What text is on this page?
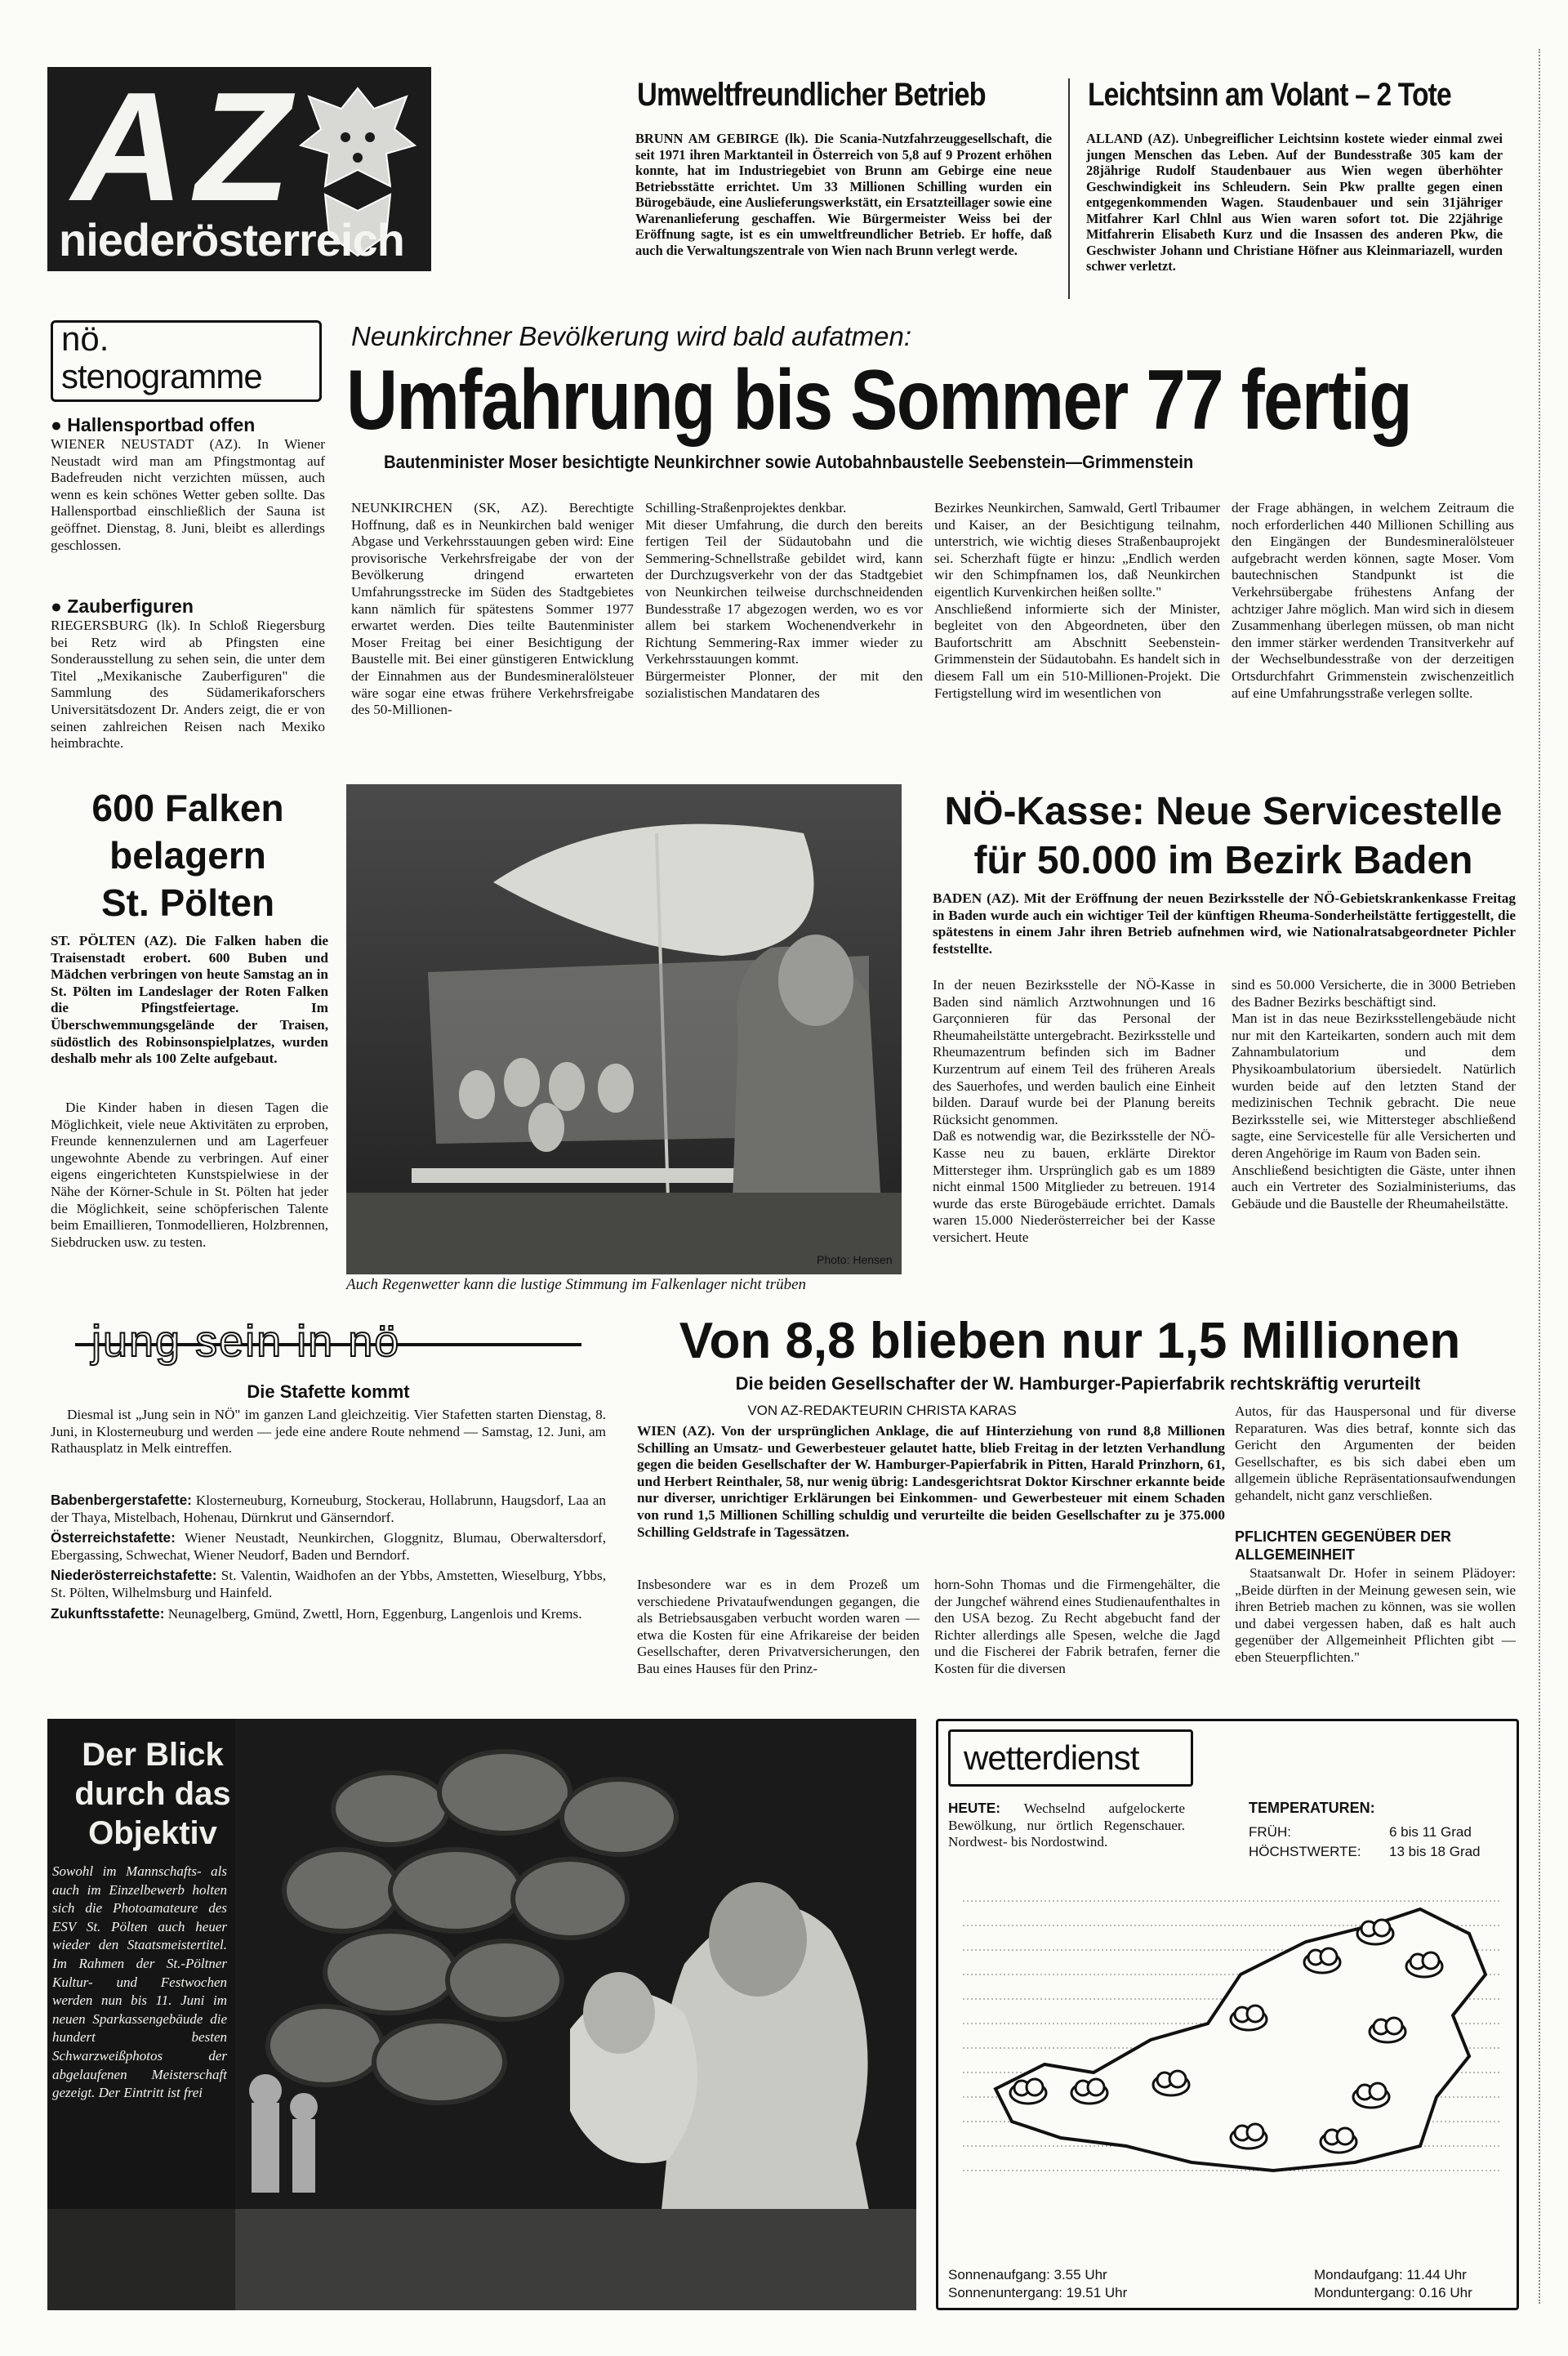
AZ
niederösterreich
Umweltfreundlicher Betrieb
BRUNN AM GEBIRGE (lk). Die Scania-Nutzfahrzeuggesellschaft, die seit 1971 ihren Marktanteil in Österreich von 5,8 auf 9 Prozent erhöhen konnte, hat im Industriegebiet von Brunn am Gebirge eine neue Betriebsstätte errichtet. Um 33 Millionen Schilling wurden ein Bürogebäude, eine Auslieferungswerkstätt, ein Ersatzteillager sowie eine Warenanlieferung geschaffen. Wie Bürgermeister Weiss bei der Eröffnung sagte, ist es ein umweltfreundlicher Betrieb. Er hoffe, daß auch die Verwaltungszentrale von Wien nach Brunn verlegt werde.
Leichtsinn am Volant – 2 Tote
ALLAND (AZ). Unbegreiflicher Leichtsinn kostete wieder einmal zwei jungen Menschen das Leben. Auf der Bundesstraße 305 kam der 28jährige Rudolf Staudenbauer aus Wien wegen überhöhter Geschwindigkeit ins Schleudern. Sein Pkw prallte gegen einen entgegenkommenden Wagen. Staudenbauer und sein 31jähriger Mitfahrer Karl Chlnl aus Wien waren sofort tot. Die 22jährige Mitfahrerin Elisabeth Kurz und die Insassen des anderen Pkw, die Geschwister Johann und Christiane Höfner aus Kleinmariazell, wurden schwer verletzt.
nö.
stenogramme
● Hallensportbad offen
WIENER NEUSTADT (AZ). In Wiener Neustadt wird man am Pfingstmontag auf Badefreuden nicht verzichten müssen, auch wenn es kein schönes Wetter geben sollte. Das Hallensportbad einschließlich der Sauna ist geöffnet. Dienstag, 8. Juni, bleibt es allerdings geschlossen.
● Zauberfiguren
RIEGERSBURG (lk). In Schloß Riegersburg bei Retz wird ab Pfingsten eine Sonderausstellung zu sehen sein, die unter dem Titel „Mexikanische Zauberfiguren" die Sammlung des Südamerikaforschers Universitätsdozent Dr. Anders zeigt, die er von seinen zahlreichen Reisen nach Mexiko heimbrachte.
Neunkirchner Bevölkerung wird bald aufatmen:
Umfahrung bis Sommer 77 fertig
Bautenminister Moser besichtigte Neunkirchner sowie Autobahnbaustelle Seebenstein—Grimmenstein
NEUNKIRCHEN (SK, AZ). Berechtigte Hoffnung, daß es in Neunkirchen bald weniger Abgase und Verkehrsstauungen geben wird: Eine provisorische Verkehrsfreigabe der von der Bevölkerung dringend erwarteten Umfahrungsstrecke im Süden des Stadtgebietes kann nämlich für spätestens Sommer 1977 erwartet werden. Dies teilte Bautenminister Moser Freitag bei einer Besichtigung der Baustelle mit. Bei einer günstigeren Entwicklung der Einnahmen aus der Bundesmineralölsteuer wäre sogar eine etwas frühere Verkehrsfreigabe des 50-Millionen-
Schilling-Straßenprojektes denkbar.
Mit dieser Umfahrung, die durch den bereits fertigen Teil der Südautobahn und die Semmering-Schnellstraße gebildet wird, kann der Durchzugsverkehr von der das Stadtgebiet von Neunkirchen teilweise durchschneidenden Bundesstraße 17 abgezogen werden, wo es vor allem bei starkem Wochenendverkehr in Richtung Semmering-Rax immer wieder zu Verkehrsstauungen kommt.
Bürgermeister Plonner, der mit den sozialistischen Mandataren des
Bezirkes Neunkirchen, Samwald, Gertl Tribaumer und Kaiser, an der Besichtigung teilnahm, unterstrich, wie wichtig dieses Straßenbauprojekt sei. Scherzhaft fügte er hinzu: „Endlich werden wir den Schimpfnamen los, daß Neunkirchen eigentlich Kurvenkirchen heißen sollte."
Anschließend informierte sich der Minister, begleitet von den Abgeordneten, über den Baufortschritt am Abschnitt Seebenstein-Grimmenstein der Südautobahn. Es handelt sich in diesem Fall um ein 510-Millionen-Projekt. Die Fertigstellung wird im wesentlichen von
der Frage abhängen, in welchem Zeitraum die noch erforderlichen 440 Millionen Schilling aus den Eingängen der Bundesmineralölsteuer aufgebracht werden können, sagte Moser. Vom bautechnischen Standpunkt ist die Verkehrsübergabe frühestens Anfang der achtziger Jahre möglich. Man wird sich in diesem Zusammenhang überlegen müssen, ob man nicht den immer stärker werdenden Transitverkehr auf der Wechselbundesstraße von der derzeitigen Ortsdurchfahrt Grimmenstein zwischenzeitlich auf eine Umfahrungsstraße verlegen sollte.
600 Falken
belagern
St. Pölten
ST. PÖLTEN (AZ). Die Falken haben die Traisenstadt erobert. 600 Buben und Mädchen verbringen von heute Samstag an in St. Pölten im Landeslager der Roten Falken die Pfingstfeiertage. Im Überschwemmungsgelände der Traisen, südöstlich des Robinsonspielplatzes, wurden deshalb mehr als 100 Zelte aufgebaut.
Die Kinder haben in diesen Tagen die Möglichkeit, viele neue Aktivitäten zu erproben, Freunde kennenzulernen und am Lagerfeuer ungewohnte Abende zu verbringen. Auf einer eigens eingerichteten Kunstspielwiese in der Nähe der Körner-Schule in St. Pölten hat jeder die Möglichkeit, seine schöpferischen Talente beim Emaillieren, Tonmodellieren, Holzbrennen, Siebdrucken usw. zu testen.
Photo: Hensen
Auch Regenwetter kann die lustige Stimmung im Falkenlager nicht trüben
NÖ-Kasse: Neue Servicestelle
für 50.000 im Bezirk Baden
BADEN (AZ). Mit der Eröffnung der neuen Bezirksstelle der NÖ-Gebietskrankenkasse Freitag in Baden wurde auch ein wichtiger Teil der künftigen Rheuma-Sonderheilstätte fertiggestellt, die spätestens in einem Jahr ihren Betrieb aufnehmen wird, wie Nationalratsabgeordneter Pichler feststellte.
In der neuen Bezirksstelle der NÖ-Kasse in Baden sind nämlich Arztwohnungen und 16 Garçonnieren für das Personal der Rheumaheilstätte untergebracht. Bezirksstelle und Rheumazentrum befinden sich im Badner Kurzentrum auf einem Teil des früheren Areals des Sauerhofes, und werden baulich eine Einheit bilden. Darauf wurde bei der Planung bereits Rücksicht genommen.
Daß es notwendig war, die Bezirksstelle der NÖ-Kasse neu zu bauen, erklärte Direktor Mittersteger ihm. Ursprünglich gab es um 1889 nicht einmal 1500 Mitglieder zu betreuen. 1914 wurde das erste Bürogebäude errichtet. Damals waren 15.000 Niederösterreicher bei der Kasse versichert. Heute
sind es 50.000 Versicherte, die in 3000 Betrieben des Badner Bezirks beschäftigt sind.
Man ist in das neue Bezirksstellengebäude nicht nur mit den Karteikarten, sondern auch mit dem Zahnambulatorium und dem Physikoambulatorium übersiedelt. Natürlich wurden beide auf den letzten Stand der medizinischen Technik gebracht. Die neue Bezirksstelle sei, wie Mittersteger abschließend sagte, eine Servicestelle für alle Versicherten und deren Angehörige im Raum von Baden sein.
Anschließend besichtigten die Gäste, unter ihnen auch ein Vertreter des Sozialministeriums, das Gebäude und die Baustelle der Rheumaheilstätte.
jung sein in nö
Die Stafette kommt
Diesmal ist „Jung sein in NÖ" im ganzen Land gleichzeitig. Vier Stafetten starten Dienstag, 8. Juni, in Klosterneuburg und werden — jede eine andere Route nehmend — Samstag, 12. Juni, am Rathausplatz in Melk eintreffen.

Babenbergerstafette: Klosterneuburg, Korneuburg, Stockerau, Hollabrunn, Haugsdorf, Laa an der Thaya, Mistelbach, Hohenau, Dürnkrut und Gänserndorf.

Österreichstafette: Wiener Neustadt, Neunkirchen, Gloggnitz, Blumau, Oberwaltersdorf, Ebergassing, Schwechat, Wiener Neudorf, Baden und Berndorf.

Niederösterreichstafette: St. Valentin, Waidhofen an der Ybbs, Amstetten, Wieselburg, Ybbs, St. Pölten, Wilhelmsburg und Hainfeld.

Zukunftsstafette: Neunagelberg, Gmünd, Zwettl, Horn, Eggenburg, Langenlois und Krems.

Von 8,8 blieben nur 1,5 Millionen
Die beiden Gesellschafter der W. Hamburger-Papierfabrik rechtskräftig verurteilt
VON AZ-REDAKTEURIN CHRISTA KARAS
WIEN (AZ). Von der ursprünglichen Anklage, die auf Hinterziehung von rund 8,8 Millionen Schilling an Umsatz- und Gewerbesteuer gelautet hatte, blieb Freitag in der letzten Verhandlung gegen die beiden Gesellschafter der W. Hamburger-Papierfabrik in Pitten, Harald Prinzhorn, 61, und Herbert Reinthaler, 58, nur wenig übrig: Landesgerichtsrat Doktor Kirschner erkannte beide nur diverser, unrichtiger Erklärungen bei Einkommen- und Gewerbesteuer mit einem Schaden von rund 1,5 Millionen Schilling schuldig und verurteilte die beiden Gesellschafter zu je 375.000 Schilling Geldstrafe in Tagessätzen.
Insbesondere war es in dem Prozeß um verschiedene Privataufwendungen gegangen, die als Betriebsausgaben verbucht worden waren — etwa die Kosten für eine Afrikareise der beiden Gesellschafter, deren Privatversicherungen, den Bau eines Hauses für den Prinz-
horn-Sohn Thomas und die Firmengehälter, die der Jungchef während eines Studienaufenthaltes in den USA bezog. Zu Recht abgebucht fand der Richter allerdings alle Spesen, welche die Jagd und die Fischerei der Fabrik betrafen, ferner die Kosten für die diversen
Autos, für das Hauspersonal und für diverse Reparaturen. Was dies betraf, konnte sich das Gericht den Argumenten der beiden Gesellschafter, es bis sich dabei eben um allgemein übliche Repräsentationsaufwendungen gehandelt, nicht ganz verschließen.
PFLICHTEN GEGENÜBER DER ALLGEMEINHEIT
Staatsanwalt Dr. Hofer in seinem Plädoyer: „Beide dürften in der Meinung gewesen sein, wie ihren Betrieb machen zu können, was sie wollen und dabei vergessen haben, daß es halt auch gegenüber der Allgemeinheit Pflichten gibt — eben Steuerpflichten."
Der Blick
durch das
Objektiv
Sowohl im Mannschafts- als auch im Einzelbewerb holten sich die Photoamateure des ESV St. Pölten auch heuer wieder den Staatsmeistertitel. Im Rahmen der St.-Pöltner Kultur- und Festwochen werden nun bis 11. Juni im neuen Sparkassengebäude die hundert besten Schwarzweißphotos der abgelaufenen Meisterschaft gezeigt. Der Eintritt ist frei
wetterdienst
HEUTE: Wechselnd aufgelockerte Bewölkung, nur örtlich Regenschauer. Nordwest- bis Nordostwind.
TEMPERATUREN:
FRÜH:	6 bis 11 Grad
HÖCHSTWERTE: 13 bis 18 Grad
Sonnenaufgang: 3.55 Uhr
Sonnenuntergang: 19.51 Uhr
Mondaufgang: 11.44 Uhr
Monduntergang: 0.16 Uhr
